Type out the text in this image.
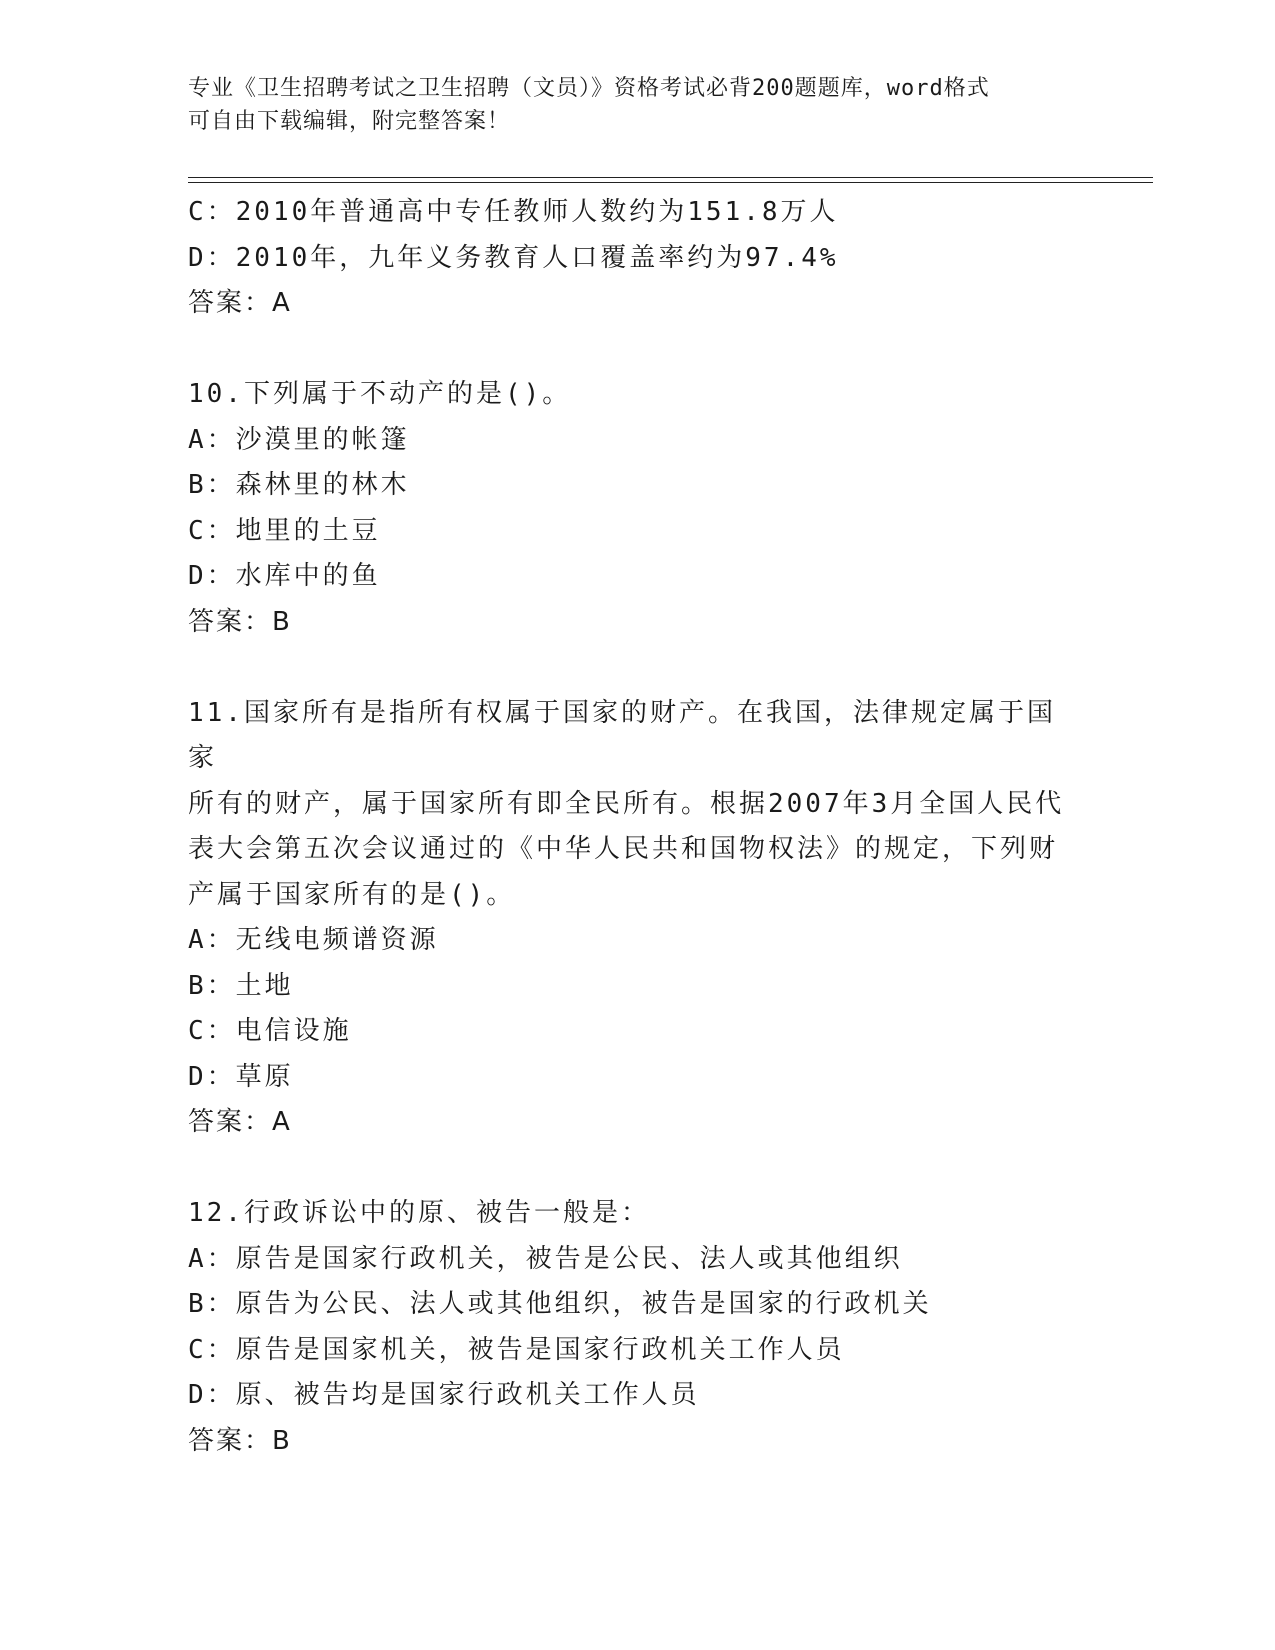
专业《卫生招聘考试之卫生招聘（文员）》资格考试必背200题题库，word格式
可自由下载编辑，附完整答案！

C：2010年普通高中专任教师人数约为151.8万人

D：2010年，九年义务教育人口覆盖率约为97.4%

答案：A

10.下列属于不动产的是()。

A：沙漠里的帐篷

B：森林里的林木

C：地里的土豆

D：水库中的鱼

答案：B

11.国家所有是指所有权属于国家的财产。在我国，法律规定属于国家

所有的财产，属于国家所有即全民所有。根据2007年3月全国人民代

表大会第五次会议通过的《中华人民共和国物权法》的规定，下列财

产属于国家所有的是()。

A：无线电频谱资源

B：土地

C：电信设施

D：草原

答案：A

12.行政诉讼中的原、被告一般是：

A：原告是国家行政机关，被告是公民、法人或其他组织

B：原告为公民、法人或其他组织，被告是国家的行政机关

C：原告是国家机关，被告是国家行政机关工作人员

D：原、被告均是国家行政机关工作人员

答案：B
